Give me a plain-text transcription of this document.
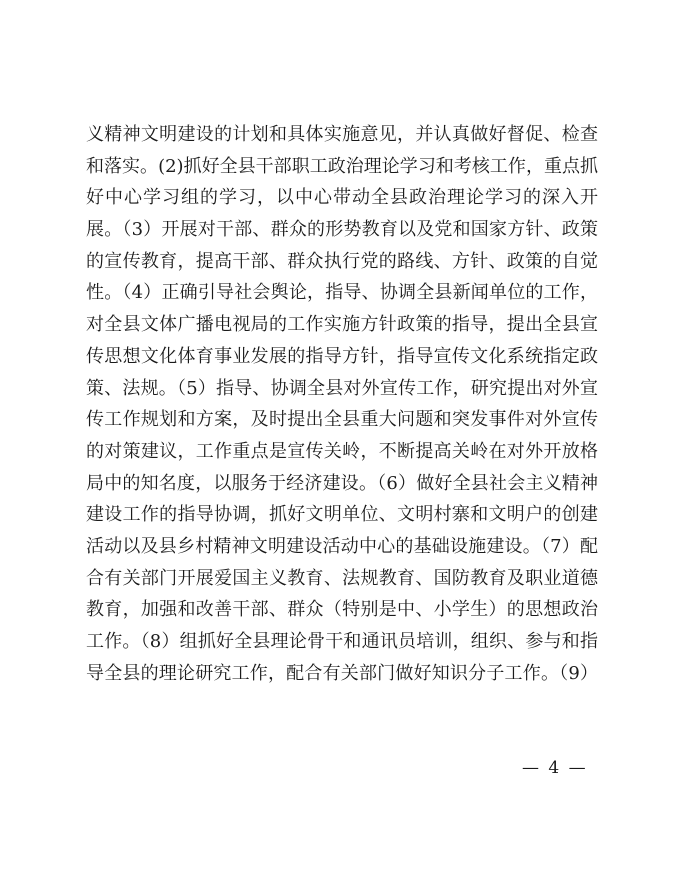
义精神文明建设的计划和具体实施意见，并认真做好督促、检查
和落实。(2)抓好全县干部职工政治理论学习和考核工作，重点抓
好中心学习组的学习，以中心带动全县政治理论学习的深入开
展。（3）开展对干部、群众的形势教育以及党和国家方针、政策
的宣传教育，提高干部、群众执行党的路线、方针、政策的自觉
性。（4）正确引导社会舆论，指导、协调全县新闻单位的工作，
对全县文体广播电视局的工作实施方针政策的指导，提出全县宣
传思想文化体育事业发展的指导方针，指导宣传文化系统指定政
策、法规。（5）指导、协调全县对外宣传工作，研究提出对外宣
传工作规划和方案，及时提出全县重大问题和突发事件对外宣传
的对策建议，工作重点是宣传关岭，不断提高关岭在对外开放格
局中的知名度，以服务于经济建设。（6）做好全县社会主义精神
建设工作的指导协调，抓好文明单位、文明村寨和文明户的创建
活动以及县乡村精神文明建设活动中心的基础设施建设。（7）配
合有关部门开展爱国主义教育、法规教育、国防教育及职业道德
教育，加强和改善干部、群众（特别是中、小学生）的思想政治
工作。（8）组抓好全县理论骨干和通讯员培训，组织、参与和指
导全县的理论研究工作，配合有关部门做好知识分子工作。（9）
— 4 —
